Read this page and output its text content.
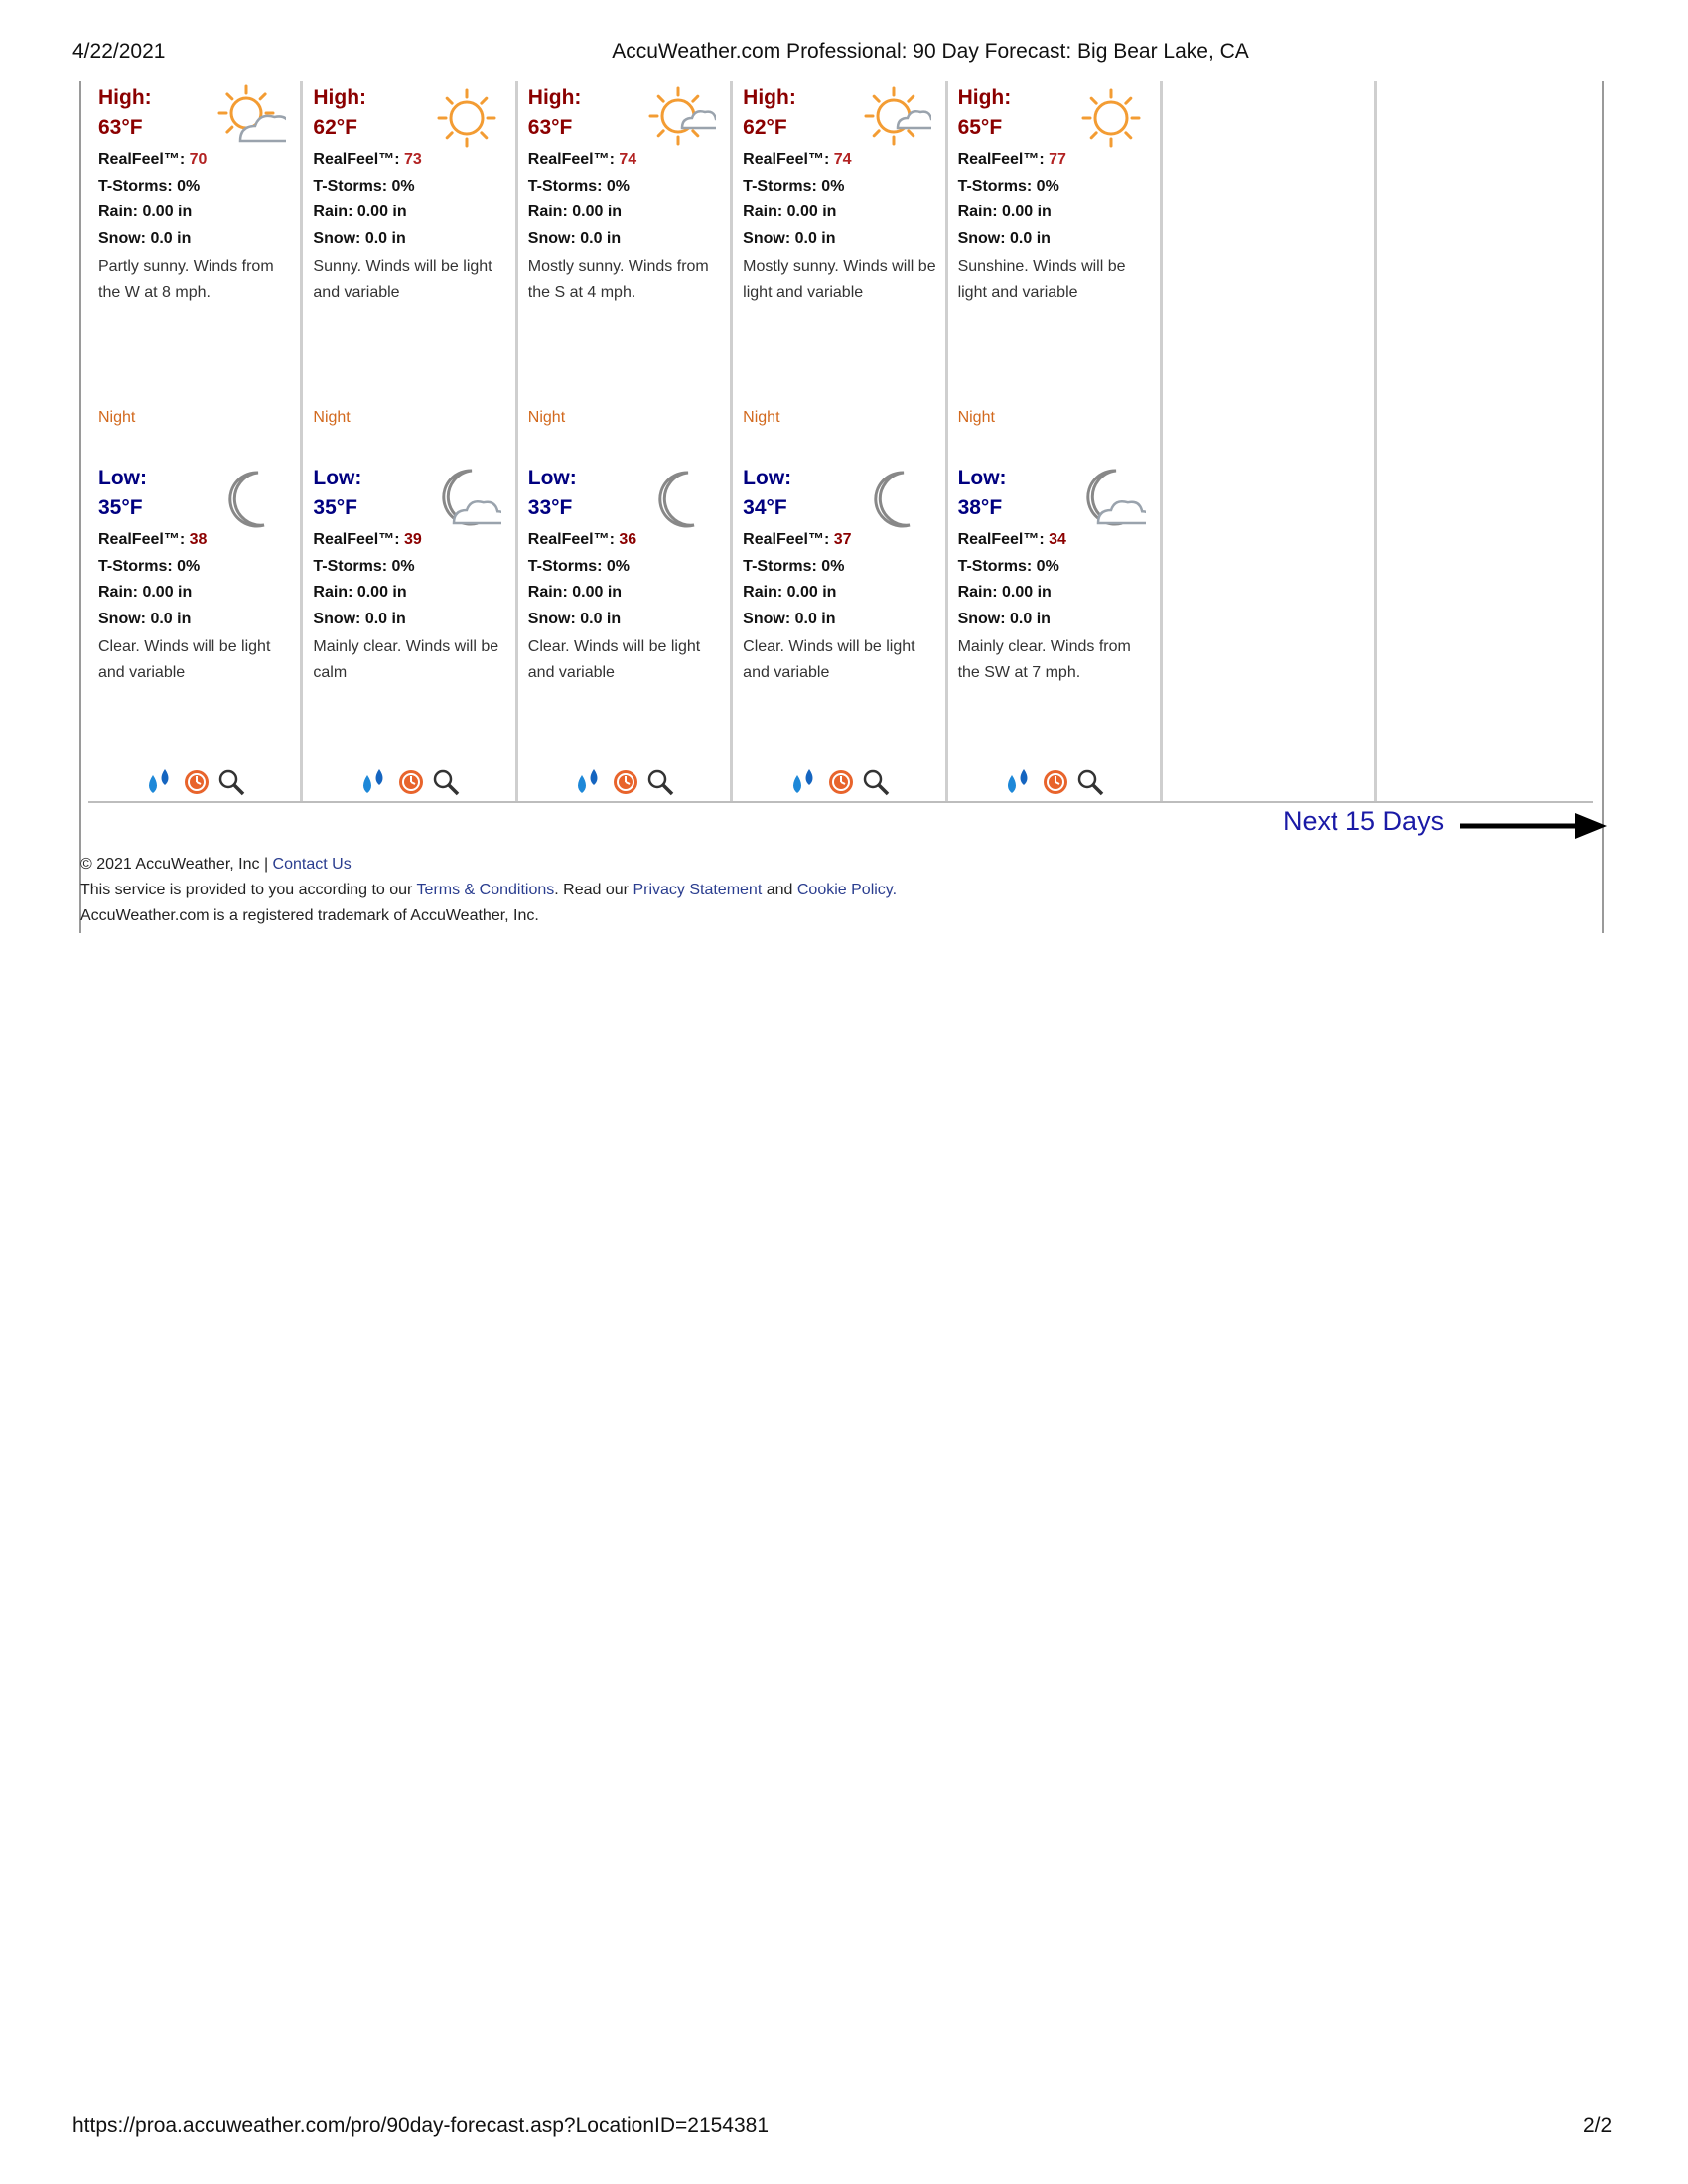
4/22/2021	AccuWeather.com Professional: 90 Day Forecast: Big Bear Lake, CA
High:
63°F
RealFeel™: 70
T-Storms: 0%
Rain: 0.00 in
Snow: 0.0 in
Partly sunny. Winds from the W at 8 mph.
Night
Low:
35°F
RealFeel™: 38
T-Storms: 0%
Rain: 0.00 in
Snow: 0.0 in
Clear. Winds will be light and variable
High:
62°F
RealFeel™: 73
T-Storms: 0%
Rain: 0.00 in
Snow: 0.0 in
Sunny. Winds will be light and variable
Night
Low:
35°F
RealFeel™: 39
T-Storms: 0%
Rain: 0.00 in
Snow: 0.0 in
Mainly clear. Winds will be calm
High:
63°F
RealFeel™: 74
T-Storms: 0%
Rain: 0.00 in
Snow: 0.0 in
Mostly sunny. Winds from the S at 4 mph.
Night
Low:
33°F
RealFeel™: 36
T-Storms: 0%
Rain: 0.00 in
Snow: 0.0 in
Clear. Winds will be light and variable
High:
62°F
RealFeel™: 74
T-Storms: 0%
Rain: 0.00 in
Snow: 0.0 in
Mostly sunny. Winds will be light and variable
Night
Low:
34°F
RealFeel™: 37
T-Storms: 0%
Rain: 0.00 in
Snow: 0.0 in
Clear. Winds will be light and variable
High:
65°F
RealFeel™: 77
T-Storms: 0%
Rain: 0.00 in
Snow: 0.0 in
Sunshine. Winds will be light and variable
Night
Low:
38°F
RealFeel™: 34
T-Storms: 0%
Rain: 0.00 in
Snow: 0.0 in
Mainly clear. Winds from the SW at 7 mph.
Next 15 Days
© 2021 AccuWeather, Inc | Contact Us
This service is provided to you according to our Terms & Conditions. Read our Privacy Statement and Cookie Policy.
AccuWeather.com is a registered trademark of AccuWeather, Inc.
https://proa.accuweather.com/pro/90day-forecast.asp?LocationID=2154381	2/2
